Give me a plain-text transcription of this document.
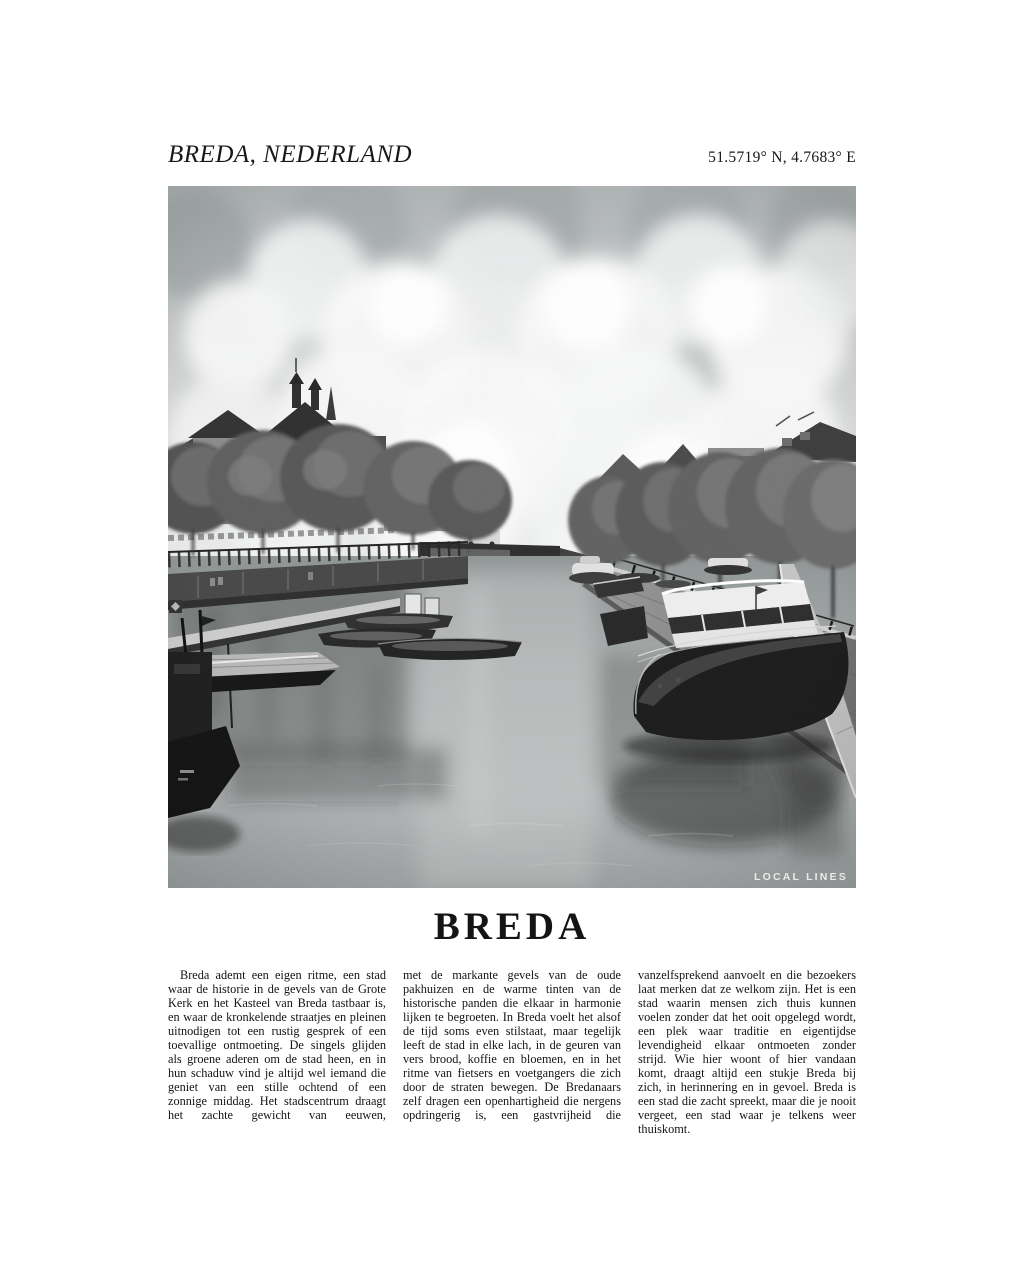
BREDA, NEDERLAND	51.5719° N, 4.7683° E
LOCAL LINES
BREDA
Breda ademt een eigen ritme, een stad waar de historie in de gevels van de Grote Kerk en het Kasteel van Breda tastbaar is, en waar de kronkelende straatjes en pleinen uitnodigen tot een rustig gesprek of een toevallige ontmoeting. De singels glijden als groene aderen om de stad heen, en in hun schaduw vind je altijd wel iemand die geniet van een stille ochtend of een zonnige middag. Het stadscentrum draagt het zachte gewicht van eeuwen,
met de markante gevels van de oude pakhuizen en de warme tinten van de historische panden die elkaar in harmonie lijken te begroeten. In Breda voelt het alsof de tijd soms even stilstaat, maar tegelijk leeft de stad in elke lach, in de geuren van vers brood, koffie en bloemen, en in het ritme van fietsers en voetgangers die zich door de straten bewegen. De Bredanaars zelf dragen een openhartigheid die nergens opdringerig is, een gastvrijheid die
vanzelfsprekend aanvoelt en die bezoekers laat merken dat ze welkom zijn. Het is een stad waarin mensen zich thuis kunnen voelen zonder dat het ooit opgelegd wordt, een plek waar traditie en eigentijdse levendigheid elkaar ontmoeten zonder strijd. Wie hier woont of hier vandaan komt, draagt altijd een stukje Breda bij zich, in herinnering en in gevoel. Breda is een stad die zacht spreekt, maar die je nooit vergeet, een stad waar je telkens weer thuiskomt.
